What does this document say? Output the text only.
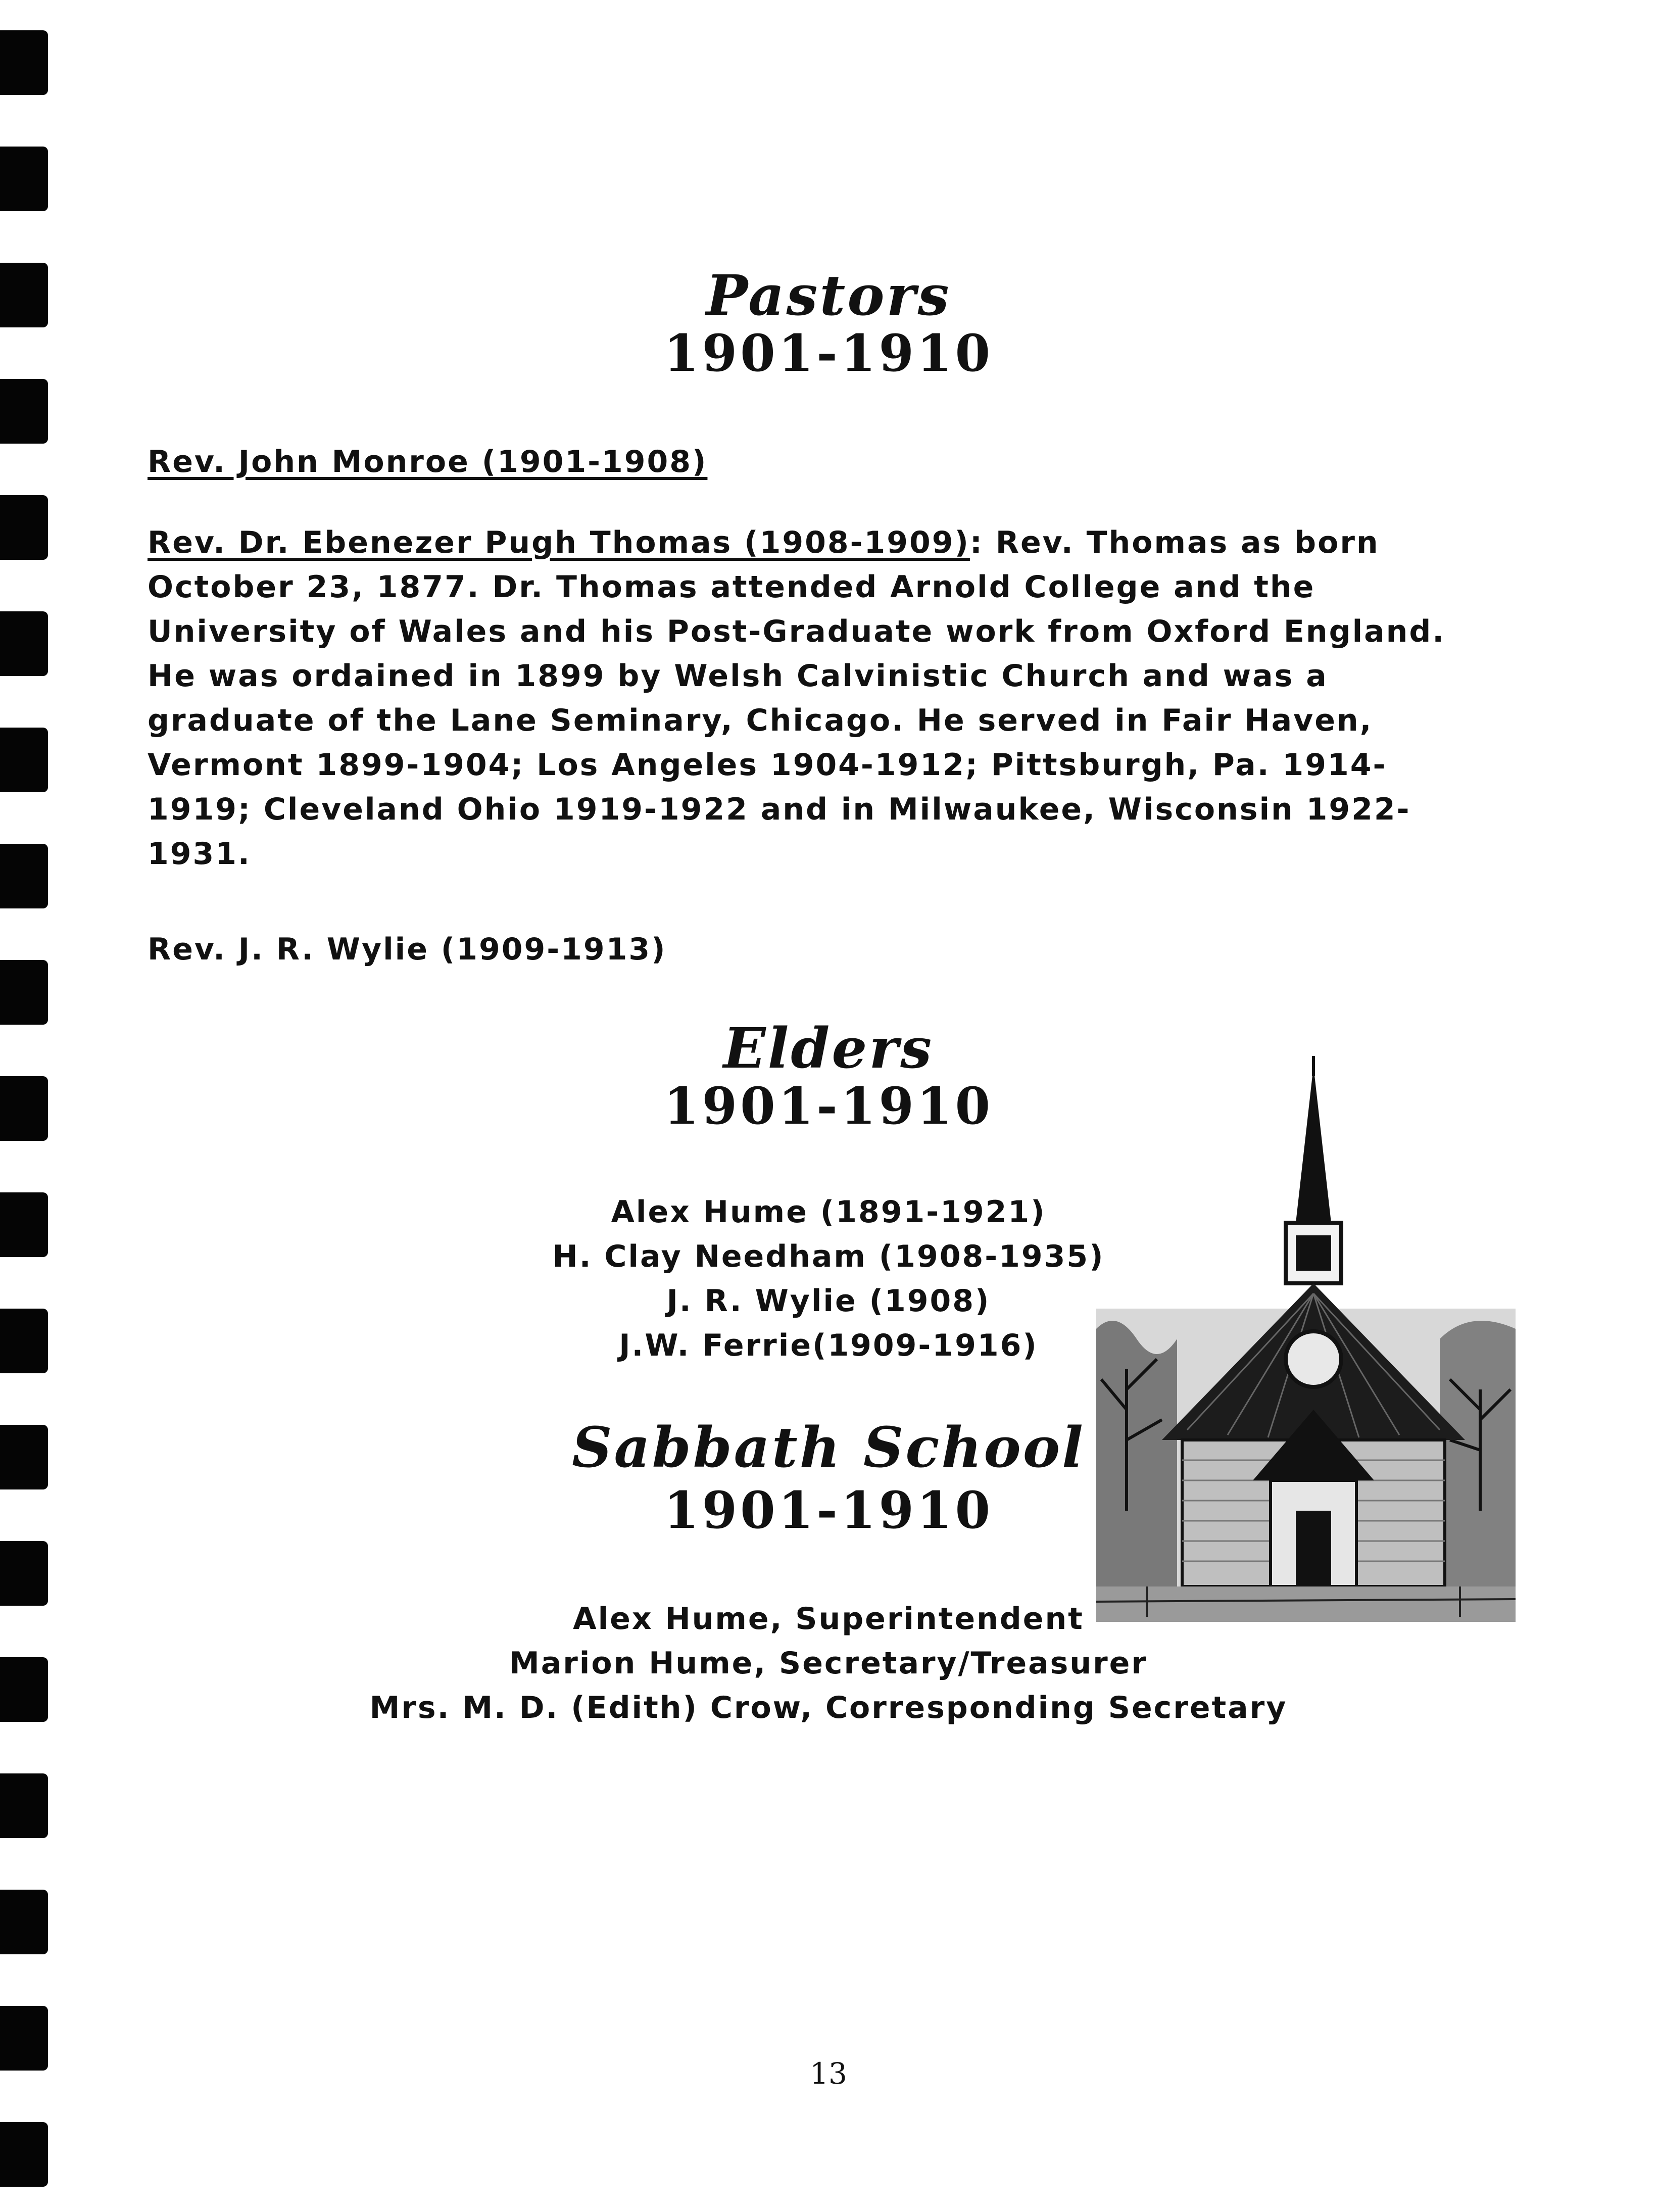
Pastors
1901-1910
Rev. John Monroe (1901-1908)
Rev. Dr. Ebenezer Pugh Thomas (1908-1909): Rev. Thomas as born
October 23, 1877. Dr. Thomas attended Arnold College and the
University of Wales and his Post-Graduate work from Oxford England.
He was ordained in 1899 by Welsh Calvinistic Church and was a
graduate of the Lane Seminary, Chicago. He served in Fair Haven,
Vermont 1899-1904; Los Angeles 1904-1912; Pittsburgh, Pa. 1914-
1919; Cleveland Ohio 1919-1922 and in Milwaukee, Wisconsin 1922-
1931.
Rev. J. R. Wylie (1909-1913)
Elders
1901-1910
Alex Hume (1891-1921)
H. Clay Needham (1908-1935)
J. R. Wylie (1908)
J.W. Ferrie(1909-1916)
Sabbath School
1901-1910
Alex Hume, Superintendent
Marion Hume, Secretary/Treasurer
Mrs. M. D. (Edith) Crow, Corresponding Secretary
13
